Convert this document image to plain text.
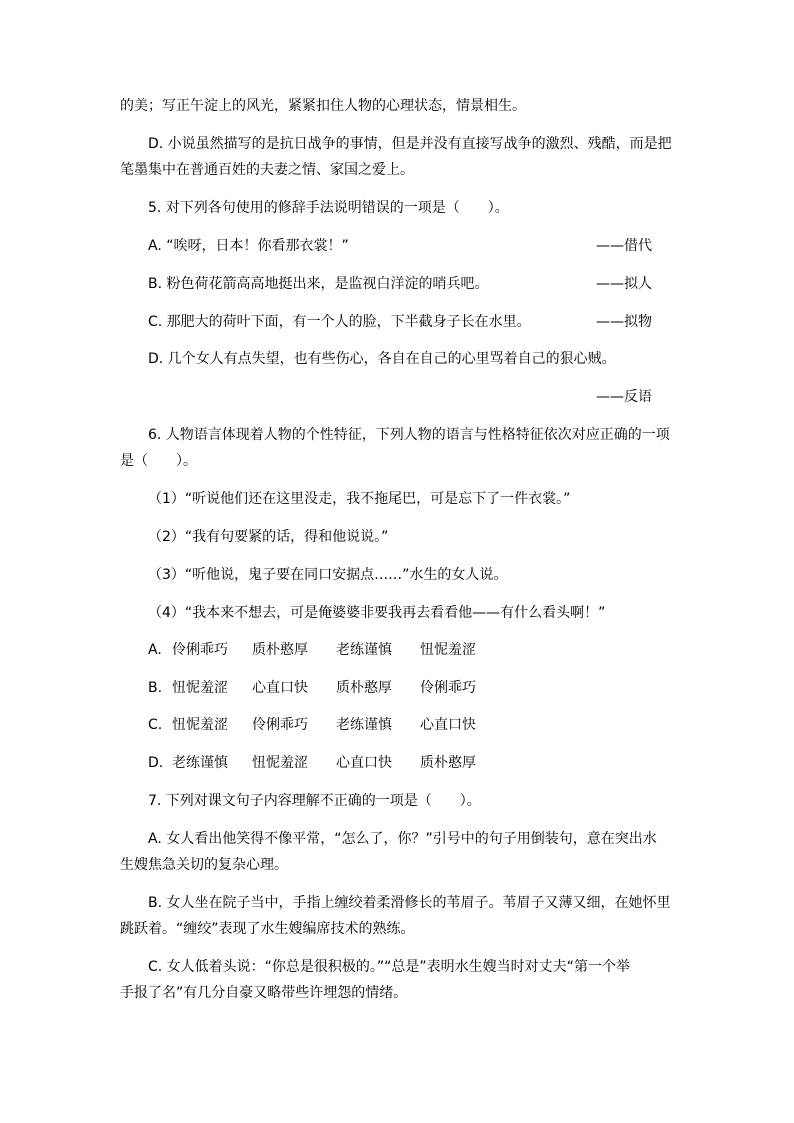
的美；写正午淀上的风光，紧紧扣住人物的心理状态，情景相生。
D. 小说虽然描写的是抗日战争的事情，但是并没有直接写战争的激烈、残酷，而是把
笔墨集中在普通百姓的夫妻之情、家国之爱上。
5. 对下列各句使用的修辞手法说明错误的一项是（　　）。
A. “唉呀，日本！你看那衣裳！”	——借代
B. 粉色荷花箭高高地挺出来，是监视白洋淀的哨兵吧。	——拟人
C. 那肥大的荷叶下面，有一个人的脸，下半截身子长在水里。	——拟物
D. 几个女人有点失望，也有些伤心，各自在自己的心里骂着自己的狠心贼。
——反语
6. 人物语言体现着人物的个性特征，下列人物的语言与性格特征依次对应正确的一项
是（　　）。
（1）“听说他们还在这里没走，我不拖尾巴，可是忘下了一件衣裳。”
（2）“我有句要紧的话，得和他说说。”
（3）“听他说，鬼子要在同口安据点……”水生的女人说。
（4）“我本来不想去，可是俺婆婆非要我再去看看他——有什么看头啊！”
A. 伶俐乖巧 质朴憨厚 老练谨慎 忸怩羞涩
B. 忸怩羞涩 心直口快 质朴憨厚 伶俐乖巧
C. 忸怩羞涩 伶俐乖巧 老练谨慎 心直口快
D. 老练谨慎 忸怩羞涩 心直口快 质朴憨厚
7. 下列对课文句子内容理解不正确的一项是（　　）。
A. 女人看出他笑得不像平常，“怎么了，你？”引号中的句子用倒装句，意在突出水
生嫂焦急关切的复杂心理。
B. 女人坐在院子当中，手指上缠绞着柔滑修长的苇眉子。苇眉子又薄又细，在她怀里
跳跃着。“缠绞”表现了水生嫂编席技术的熟练。
C. 女人低着头说：“你总是很积极的。”“总是”表明水生嫂当时对丈夫“第一个举
手报了名”有几分自豪又略带些许埋怨的情绪。
